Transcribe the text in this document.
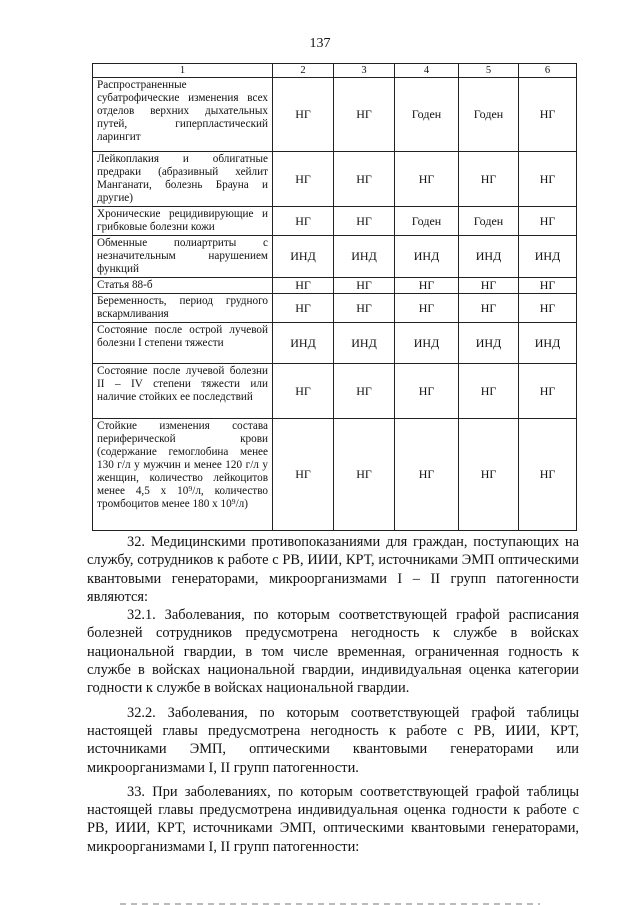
137
1	2	3	4	5	6
Распространенные субатрофические изменения всех отделов верхних дыхательных путей, гиперпластический ларингит	НГ	НГ	Годен	Годен	НГ
Лейкоплакия и облигатные предраки (абразивный хейлит Манганати, болезнь Брауна и другие)	НГ	НГ	НГ	НГ	НГ
Хронические рецидивирующие и грибковые болезни кожи	НГ	НГ	Годен	Годен	НГ
Обменные полиартриты с незначительным нарушением функций	ИНД	ИНД	ИНД	ИНД	ИНД
Статья 88-б	НГ	НГ	НГ	НГ	НГ
Беременность, период грудного вскармливания	НГ	НГ	НГ	НГ	НГ
Состояние после острой лучевой болезни I степени тяжести	ИНД	ИНД	ИНД	ИНД	ИНД
Состояние после лучевой болезни II – IV степени тяжести или наличие стойких ее последствий	НГ	НГ	НГ	НГ	НГ
Стойкие изменения состава периферической крови (содержание гемоглобина менее 130 г/л у мужчин и менее 120 г/л у женщин, количество лейкоцитов менее 4,5 х 10⁹/л, количество тромбоцитов менее 180 х 10⁹/л)	НГ	НГ	НГ	НГ	НГ

32. Медицинскими противопоказаниями для граждан, поступающих на службу, сотрудников к работе с РВ, ИИИ, КРТ, источниками ЭМП оптическими квантовыми генераторами, микроорганизмами I – II групп патогенности являются:

32.1. Заболевания, по которым соответствующей графой расписания болезней сотрудников предусмотрена негодность к службе в войсках национальной гвардии, в том числе временная, ограниченная годность к службе в войсках национальной гвардии, индивидуальная оценка категории годности к службе в войсках национальной гвардии.

32.2. Заболевания, по которым соответствующей графой таблицы настоящей главы предусмотрена негодность к работе с РВ, ИИИ, КРТ, источниками ЭМП, оптическими квантовыми генераторами или микроорганизмами I, II групп патогенности.

33. При заболеваниях, по которым соответствующей графой таблицы настоящей главы предусмотрена индивидуальная оценка годности к работе с РВ, ИИИ, КРТ, источниками ЭМП, оптическими квантовыми генераторами, микроорганизмами I, II групп патогенности:
